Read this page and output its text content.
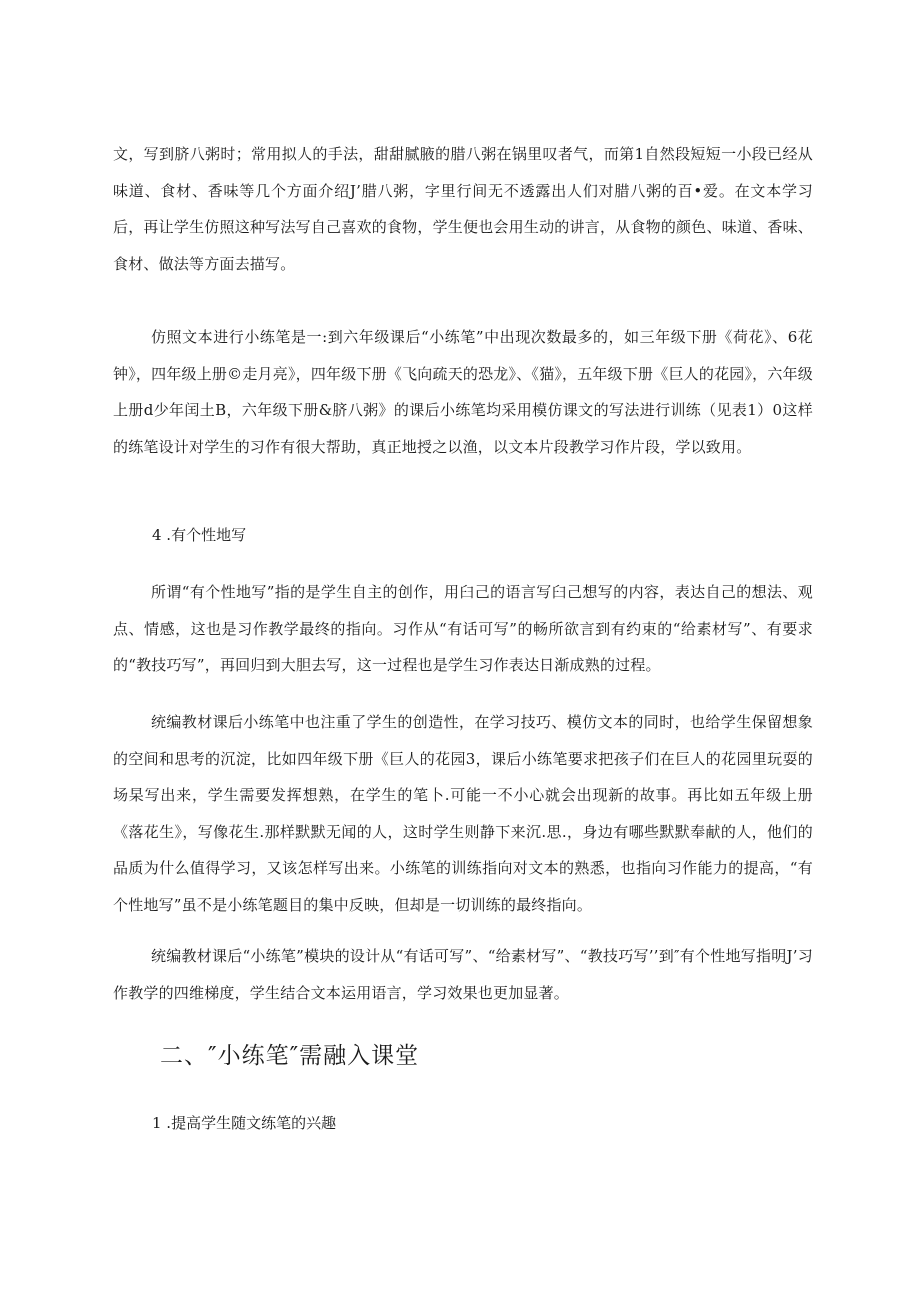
文，写到脐八粥时；常用拟人的手法，甜甜腻腋的腊八粥在锅里叹者气，而第1自然段短短一小段已经从味道、食材、香味等几个方面介绍J’腊八粥，字里行间无不透露出人们对腊八粥的百•爱。在文本学习后，再让学生仿照这种写法写自己喜欢的食物，学生便也会用生动的讲言，从食物的颜色、味道、香味、食材、做法等方面去描写。

仿照文本进行小练笔是一:到六年级课后“小练笔”中出现次数最多的，如三年级下册《荷花》、6花钟》，四年级上册©走月亮》，四年级下册《飞向疏天的恐龙》、《猫》，五年级下册《巨人的花园》，六年级上册d少年闰土B，六年级下册&脐八粥》的课后小练笔均采用模仿课文的写法进行训练（见表1）0这样的练笔设计对学生的习作有很大帮助，真正地授之以渔，以文本片段教学习作片段，学以致用。

4 .有个性地写

所谓“有个性地写”指的是学生自主的创作，用臼己的语言写臼己想写的内容，表达自己的想法、观点、情感，这也是习作教学最终的指向。习作从“有话可写”的畅所欲言到有约束的“给素材写”、有要求的“教技巧写”，再回归到大胆去写，这一过程也是学生习作表达日渐成熟的过程。

统编教材课后小练笔中也注重了学生的创造性，在学习技巧、模仿文本的同时，也给学生保留想象的空间和思考的沉淀，比如四年级下册《巨人的花园3，课后小练笔要求把孩子们在巨人的花园里玩耍的场杲写出来，学生需要发挥想熟，在学生的笔卜.可能一不小心就会出现新的故事。再比如五年级上册《落花生》，写像花生.那样默默无闻的人，这时学生则静下来沉.思.，身边有哪些默默奉献的人，他们的品质为什么值得学习，又该怎样写出来。小练笔的训练指向对文本的熟悉，也指向习作能力的提高，“有个性地写”虽不是小练笔题目的集中反映，但却是一切训练的最终指向。

统编教材课后“小练笔”模块的设计从“有话可写”、“给素材写”、“教技巧写’’到″有个性地写指明J’习作教学的四维梯度，学生结合文本运用语言，学习效果也更加显著。

二、″小练笔″需融入课堂

1 .提高学生随文练笔的兴趣
